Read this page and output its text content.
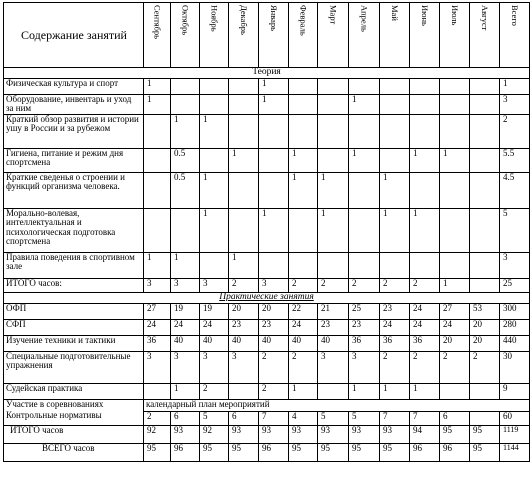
Содержание занятий	Сентябрь	Октябрь	Ноябрь	Декабрь	Январь	Февраль	Март	Апрель	Май	Июнь	Июль	Август	Всего

Теория													
Физическая культура и спорт	1				1								1
Оборудование, инвентарь и уход за ним	1				1			1					3
Краткий обзор развития и истории ушу в России и за рубежом		1	1										2
Гигиена, питание и режим дня спортсмена		0.5		1		1		1		1	1		5.5
Краткие сведенья о строении и функций организма человека.		0.5	1			1	1		1				4.5
Морально-волевая, интеллектуальная и психологическая подготовка спортсмена			1		1		1		1	1			5
Правила поведения в спортивном зале	1	1		1									3
ИТОГО часов:	3	3	3	2	3	2	2	2	2	2	1		25
Практические занятия													
ОФП	27	19	19	20	20	22	21	25	23	24	27	53	300
СФП	24	24	24	23	23	24	23	23	24	24	24	20	280
Изучение техники и тактики	36	40	40	40	40	40	40	36	36	36	20	20	440
Специальные подготовительные упражнения	3	3	3	3	2	2	3	3	2	2	2	2	30
Судейская практика		1	2		2	1		1	1	1			9
Участие в соревнованиях	календарный план мероприятий												
Контрольные нормативы	2	6	5	6	7	4	5	5	7	7	6		60
ИТОГО часов	92	93	92	93	93	93	93	93	93	94	95	95	1119
ВСЕГО часов	95	96	95	95	96	95	95	95	95	96	96	95	1144
